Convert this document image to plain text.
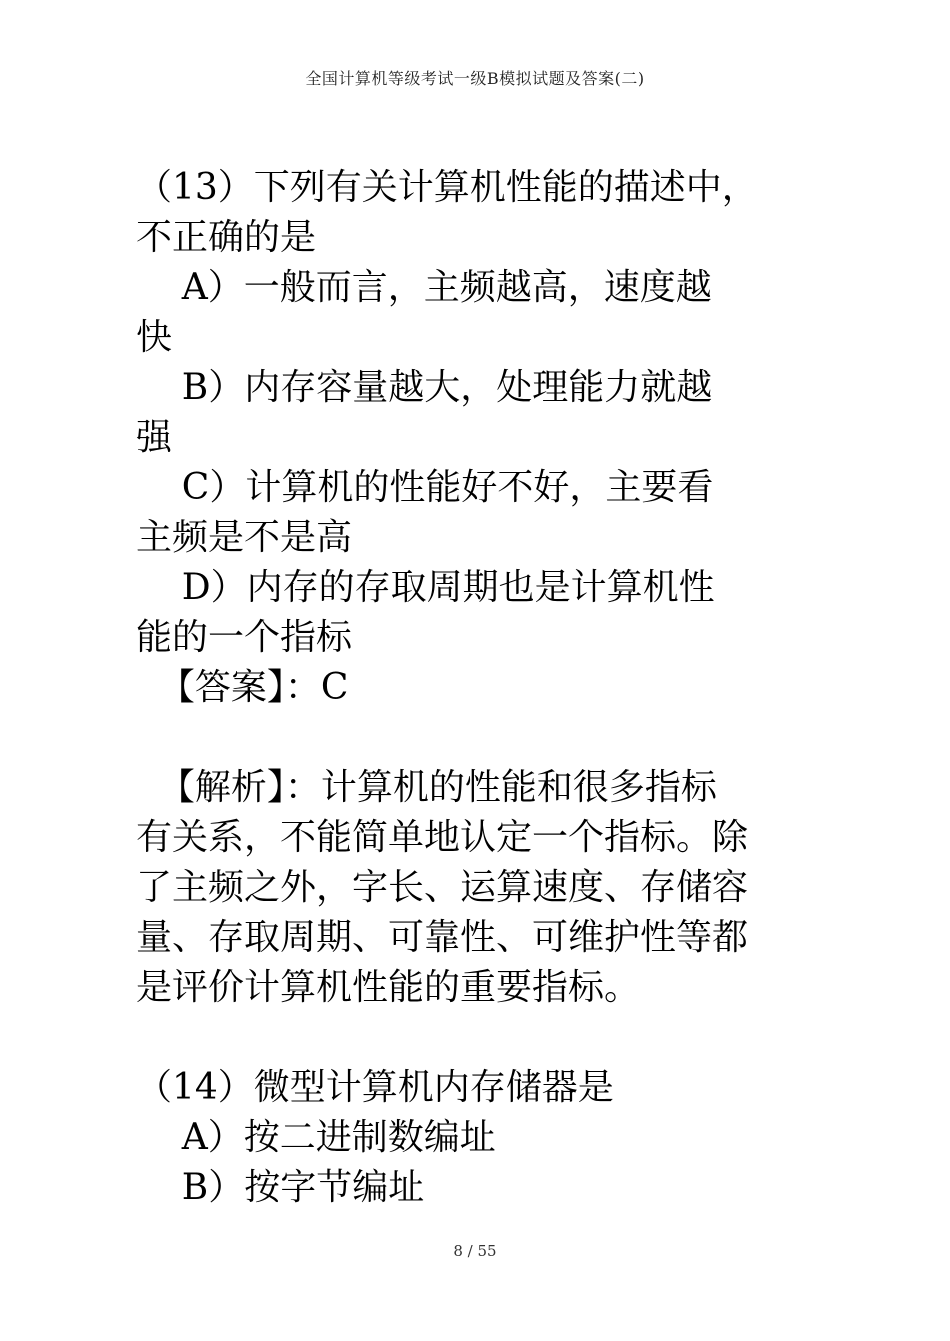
全国计算机等级考试一级B模拟试题及答案(二)
（13）下列有关计算机性能的描述中，
不正确的是
A）一般而言，主频越高，速度越
快
B）内存容量越大，处理能力就越
强
C）计算机的性能好不好，主要看
主频是不是高
D）内存的存取周期也是计算机性
能的一个指标
【答案】：C
【解析】：计算机的性能和很多指标
有关系，不能简单地认定一个指标。除
了主频之外，字长、运算速度、存储容
量、存取周期、可靠性、可维护性等都
是评价计算机性能的重要指标。
（14）微型计算机内存储器是
A）按二进制数编址
B）按字节编址
8 / 55
